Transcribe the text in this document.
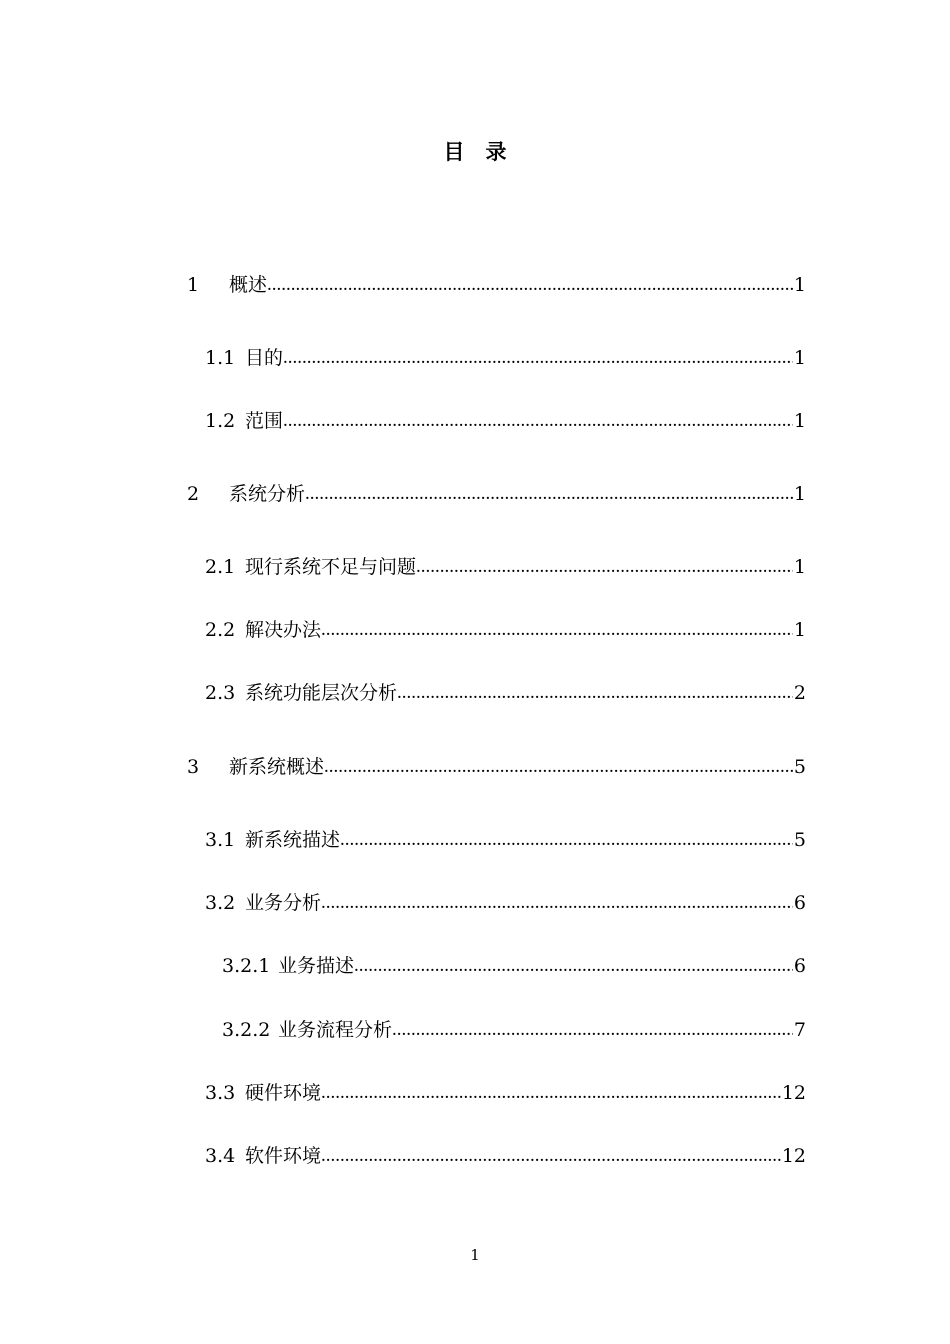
目　录
1	概述 .....	1
1.1 目的 .....	1
1.2 范围 .....	1
2	系统分析 .....	1
2.1 现行系统不足与问题 .....	1
2.2 解决办法 .....	1
2.3 系统功能层次分析 .....	2
3	新系统概述 .....	5
3.1 新系统描述 .....	5
3.2 业务分析 .....	6
3.2.1 业务描述 .....	6
3.2.2 业务流程分析 .....	7
3.3 硬件环境 .....	12
3.4 软件环境 .....	12
1
